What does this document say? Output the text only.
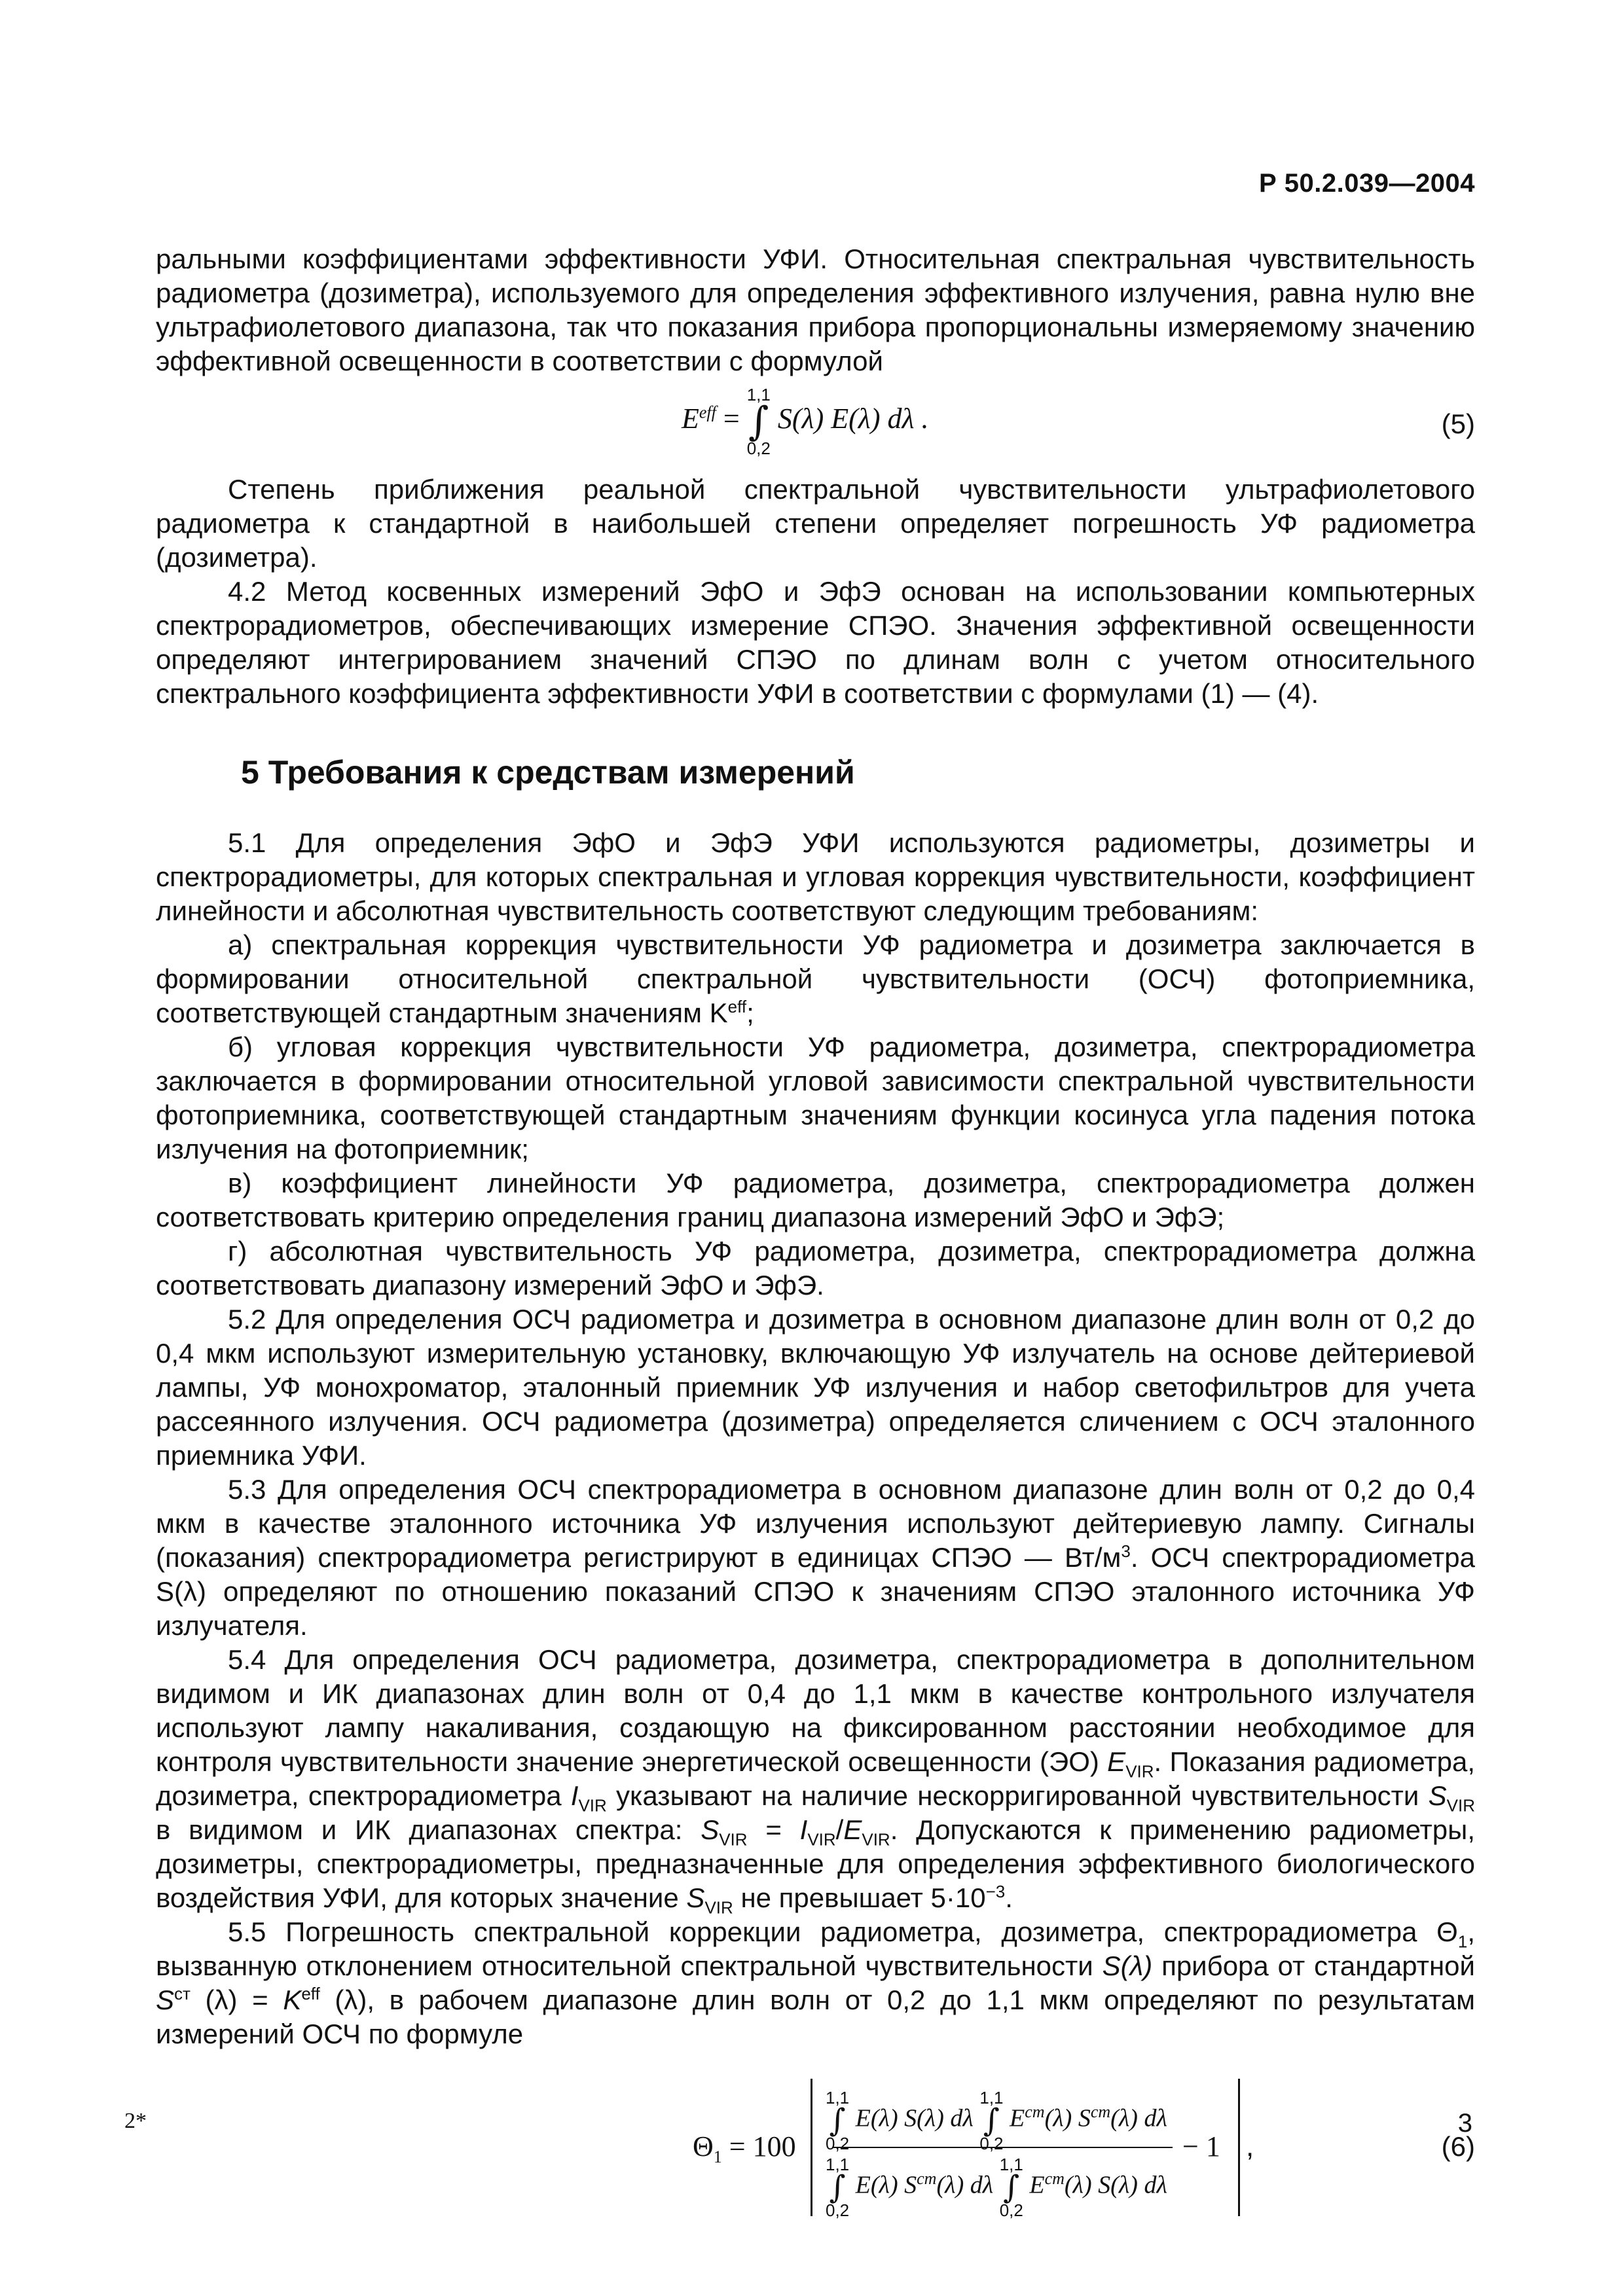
Р 50.2.039—2004

ральными коэффициентами эффективности УФИ. Относительная спектральная чувствительность радиометра (дозиметра), используемого для определения эффективного излучения, равна нулю вне ультрафиолетового диапазона, так что показания прибора пропорциональны измеряемому значению эффективной освещенности в соответствии с формулой

$E^{eff}$ =
1,1
∫
0,2
S(λ) E(λ) dλ .	(5)

Степень приближения реальной спектральной чувствительности ультрафиолетового радиометра к стандартной в наибольшей степени определяет погрешность УФ радиометра (дозиметра).

4.2 Метод косвенных измерений ЭфО и ЭфЭ основан на использовании компьютерных спектрорадиометров, обеспечивающих измерение СПЭО. Значения эффективной освещенности определяют интегрированием значений СПЭО по длинам волн с учетом относительного спектрального коэффициента эффективности УФИ в соответствии с формулами (1) — (4).

5 Требования к средствам измерений

5.1 Для определения ЭфО и ЭфЭ УФИ используются радиометры, дозиметры и спектрорадиометры, для которых спектральная и угловая коррекция чувствительности, коэффициент линейности и абсолютная чувствительность соответствуют следующим требованиям:

а) спектральная коррекция чувствительности УФ радиометра и дозиметра заключается в формировании относительной спектральной чувствительности (ОСЧ) фотоприемника, соответствующей стандартным значениям $K^{eff}$;

б) угловая коррекция чувствительности УФ радиометра, дозиметра, спектрорадиометра заключается в формировании относительной угловой зависимости спектральной чувствительности фотоприемника, соответствующей стандартным значениям функции косинуса угла падения потока излучения на фотоприемник;

в) коэффициент линейности УФ радиометра, дозиметра, спектрорадиометра должен соответствовать критерию определения границ диапазона измерений ЭфО и ЭфЭ;

г) абсолютная чувствительность УФ радиометра, дозиметра, спектрорадиометра должна соответствовать диапазону измерений ЭфО и ЭфЭ.

5.2 Для определения ОСЧ радиометра и дозиметра в основном диапазоне длин волн от 0,2 до 0,4 мкм используют измерительную установку, включающую УФ излучатель на основе дейтериевой лампы, УФ монохроматор, эталонный приемник УФ излучения и набор светофильтров для учета рассеянного излучения. ОСЧ радиометра (дозиметра) определяется сличением с ОСЧ эталонного приемника УФИ.

5.3 Для определения ОСЧ спектрорадиометра в основном диапазоне длин волн от 0,2 до 0,4 мкм в качестве эталонного источника УФ излучения используют дейтериевую лампу. Сигналы (показания) спектрорадиометра регистрируют в единицах СПЭО — $Вт/м^3$. ОСЧ спектрорадиометра S(λ) определяют по отношению показаний СПЭО к значениям СПЭО эталонного источника УФ излучателя.

5.4 Для определения ОСЧ радиометра, дозиметра, спектрорадиометра в дополнительном видимом и ИК диапазонах длин волн от 0,4 до 1,1 мкм в качестве контрольного излучателя используют лампу накаливания, создающую на фиксированном расстоянии необходимое для контроля чувствительности значение энергетической освещенности (ЭО) $E_{VIR}$. Показания радиометра, дозиметра, спектрорадиометра $I_{VIR}$ указывают на наличие нескорригированной чувствительности $S_{VIR}$ в видимом и ИК диапазонах спектра: $S_{VIR} = I_{VIR}/E_{VIR}$. Допускаются к применению радиометры, дозиметры, спектрорадиометры, предназначенные для определения эффективного биологического воздействия УФИ, для которых значение $S_{VIR}$ не превышает $5\cdot 10^{-3}$.

5.5 Погрешность спектральной коррекции радиометра, дозиметра, спектрорадиометра $\Theta_1$, вызванную отклонением относительной спектральной чувствительности S(λ) прибора от стандартной $S^{ст}$ $(\lambda) = K^{eff}$ (λ), в рабочем диапазоне длин волн от 0,2 до 1,1 мкм определяют по результатам измерений ОСЧ по формуле

$\Theta_1 = 100$
1,1
∫
0,2
E(λ) S(λ) dλ
1,1
∫
0,2
$E^{ст}(\lambda)$ $S^{ст}(\lambda)$ dλ
1,1
∫
0,2
E(λ) $S^{ст}(\lambda)$ dλ
1,1
∫
0,2
$E^{ст}(\lambda)$ S(λ) dλ
− 1 ,	(6)
2*	3
